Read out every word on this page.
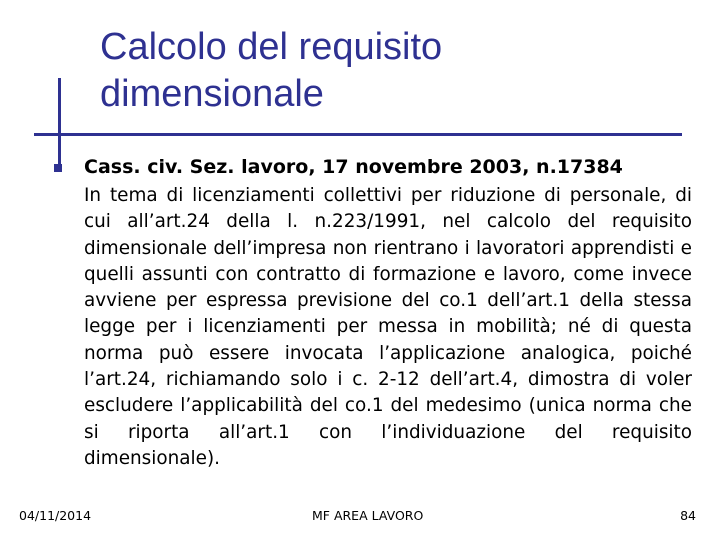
Calcolo del requisito dimensionale

Cass. civ. Sez. lavoro, 17 novembre 2003, n.17384

In tema di licenziamenti collettivi per riduzione di personale, di cui all’art.24 della l. n.223/1991, nel calcolo del requisito dimensionale dell’impresa non rientrano i lavoratori apprendisti e quelli assunti con contratto di formazione e lavoro, come invece avviene per espressa previsione del co.1 dell’art.1 della stessa legge per i licenziamenti per messa in mobilità; né di questa norma può essere invocata l’applicazione analogica, poiché l’art.24, richiamando solo i c. 2-12 dell’art.4, dimostra di voler escludere l’applicabilità del co.1 del medesimo (unica norma che si riporta all’art.1 con l’individuazione del requisito dimensionale).

04/11/2014	MF AREA LAVORO	84
